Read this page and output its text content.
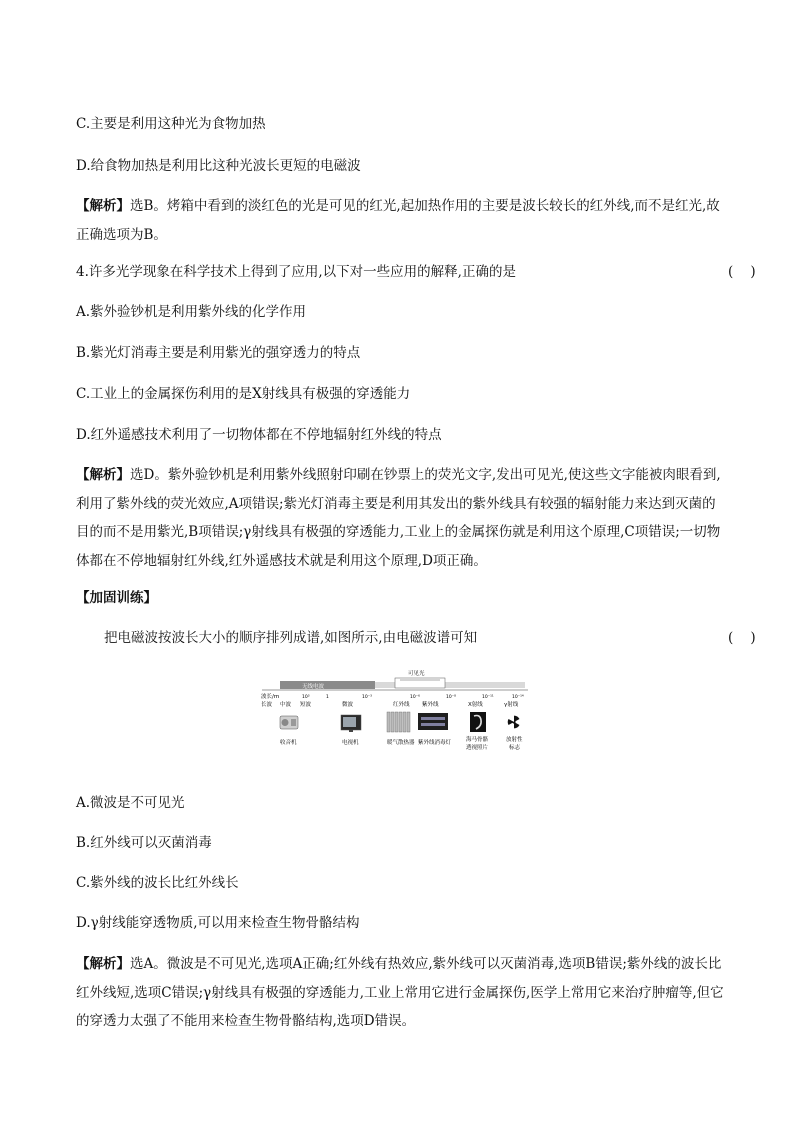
C.主要是利用这种光为食物加热
D.给食物加热是利用比这种光波长更短的电磁波
【解析】选B。烤箱中看到的淡红色的光是可见的红光,起加热作用的主要是波长较长的红外线,而不是红光,故正确选项为B。
4.许多光学现象在科学技术上得到了应用,以下对一些应用的解释,正确的是	(    )
A.紫外验钞机是利用紫外线的化学作用
B.紫光灯消毒主要是利用紫光的强穿透力的特点
C.工业上的金属探伤利用的是X射线具有极强的穿透能力
D.红外遥感技术利用了一切物体都在不停地辐射红外线的特点
【解析】选D。紫外验钞机是利用紫外线照射印刷在钞票上的荧光文字,发出可见光,使这些文字能被肉眼看到,利用了紫外线的荧光效应,A项错误;紫光灯消毒主要是利用其发出的紫外线具有较强的辐射能力来达到灭菌的目的而不是用紫光,B项错误;γ射线具有极强的穿透能力,工业上的金属探伤就是利用这个原理,C项错误;一切物体都在不停地辐射红外线,红外遥感技术就是利用这个原理,D项正确。
【加固训练】
把电磁波按波长大小的顺序排列成谱,如图所示,由电磁波谱可知	(    )
无线电波
可见光
波长/m	10³	1	10⁻³	10⁻⁶	10⁻⁸	10⁻¹¹	10⁻¹⁴
长波 中波 短波	微波	红外线 紫外线	X射线	γ射线
收音机	电视机	暖气散热器 紫外线消毒灯	海马骨骼
透视照片
放射性
标志
A.微波是不可见光
B.红外线可以灭菌消毒
C.紫外线的波长比红外线长
D.γ射线能穿透物质,可以用来检查生物骨骼结构
【解析】选A。微波是不可见光,选项A正确;红外线有热效应,紫外线可以灭菌消毒,选项B错误;紫外线的波长比红外线短,选项C错误;γ射线具有极强的穿透能力,工业上常用它进行金属探伤,医学上常用它来治疗肿瘤等,但它的穿透力太强了不能用来检查生物骨骼结构,选项D错误。
